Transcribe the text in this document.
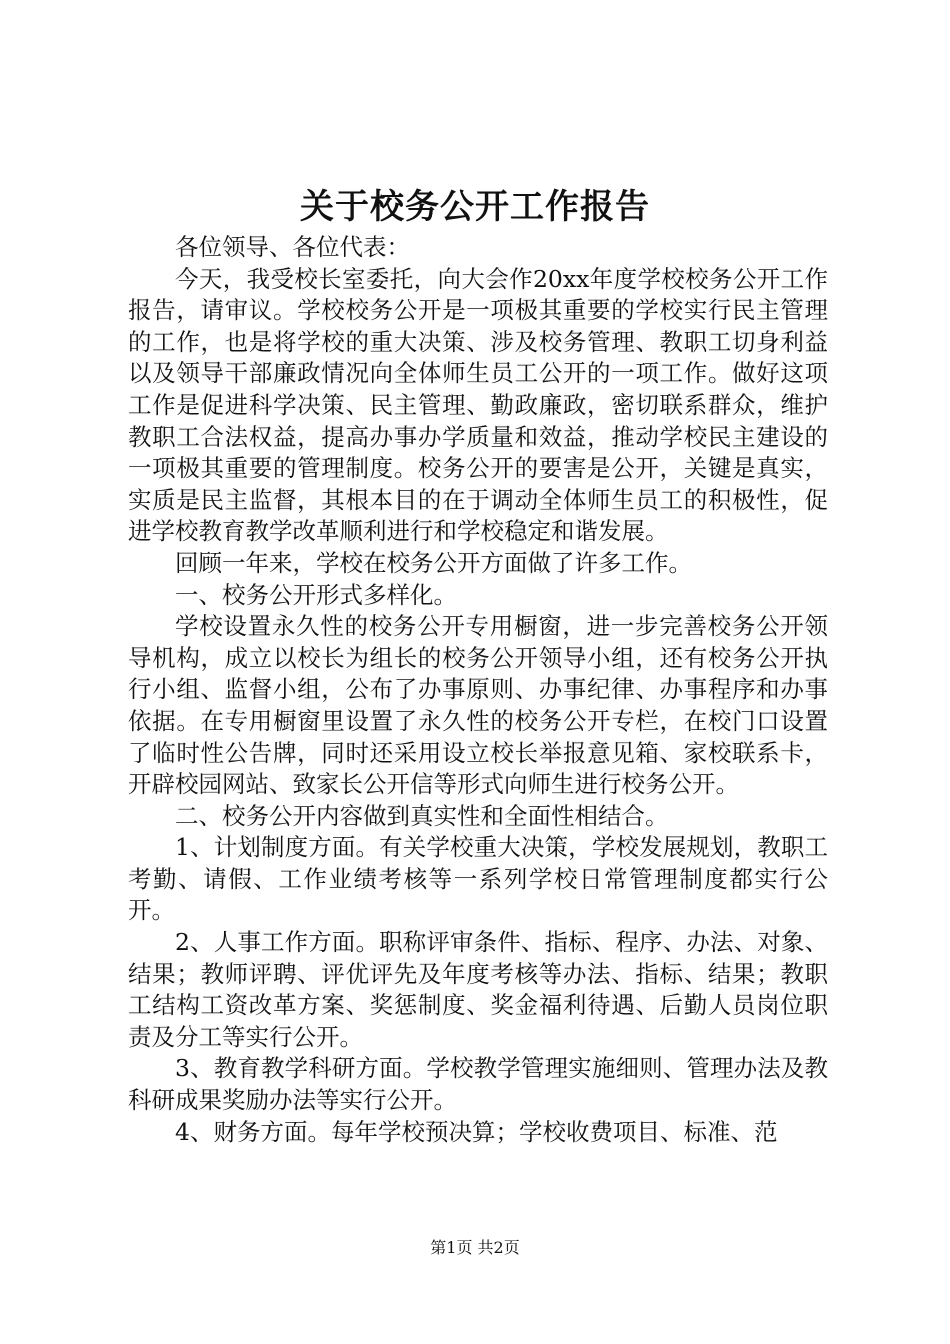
关于校务公开工作报告

各位领导、各位代表：

今天，我受校长室委托，向大会作20xx年度学校校务公开工作报告，请审议。学校校务公开是一项极其重要的学校实行民主管理的工作，也是将学校的重大决策、涉及校务管理、教职工切身利益以及领导干部廉政情况向全体师生员工公开的一项工作。做好这项工作是促进科学决策、民主管理、勤政廉政，密切联系群众，维护教职工合法权益，提高办事办学质量和效益，推动学校民主建设的一项极其重要的管理制度。校务公开的要害是公开，关键是真实，实质是民主监督，其根本目的在于调动全体师生员工的积极性，促进学校教育教学改革顺利进行和学校稳定和谐发展。

回顾一年来，学校在校务公开方面做了许多工作。

一、校务公开形式多样化。

学校设置永久性的校务公开专用橱窗，进一步完善校务公开领导机构，成立以校长为组长的校务公开领导小组，还有校务公开执行小组、监督小组，公布了办事原则、办事纪律、办事程序和办事依据。在专用橱窗里设置了永久性的校务公开专栏，在校门口设置了临时性公告牌，同时还采用设立校长举报意见箱、家校联系卡，开辟校园网站、致家长公开信等形式向师生进行校务公开。

二、校务公开内容做到真实性和全面性相结合。

1、计划制度方面。有关学校重大决策，学校发展规划，教职工考勤、请假、工作业绩考核等一系列学校日常管理制度都实行公开。

2、人事工作方面。职称评审条件、指标、程序、办法、对象、结果；教师评聘、评优评先及年度考核等办法、指标、结果；教职工结构工资改革方案、奖惩制度、奖金福利待遇、后勤人员岗位职责及分工等实行公开。

3、教育教学科研方面。学校教学管理实施细则、管理办法及教科研成果奖励办法等实行公开。

4、财务方面。每年学校预决算；学校收费项目、标准、范

第1页 共2页
